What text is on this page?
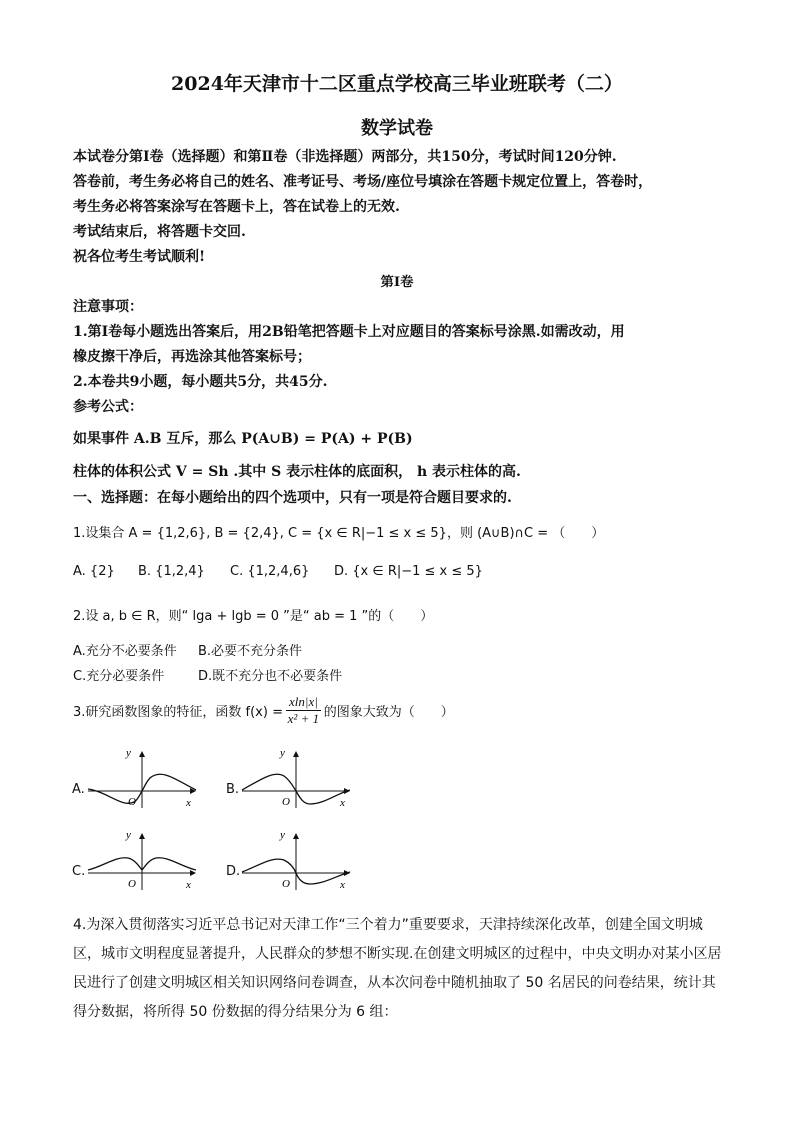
2024年天津市十二区重点学校高三毕业班联考（二）
数学试卷
本试卷分第Ⅰ卷（选择题）和第Ⅱ卷（非选择题）两部分，共150分，考试时间120分钟.
答卷前，考生务必将自己的姓名、准考证号、考场/座位号填涂在答题卡规定位置上，答卷时，
考生务必将答案涂写在答题卡上，答在试卷上的无效.
考试结束后，将答题卡交回.
祝各位考生考试顺利!
第Ⅰ卷
注意事项：
1.第Ⅰ卷每小题选出答案后，用2B铅笔把答题卡上对应题目的答案标号涂黑.如需改动，用
橡皮擦干净后，再选涂其他答案标号；
2.本卷共9小题，每小题共5分，共45分.
参考公式：
如果事件 A.B 互斥，那么 P(A∪B) = P(A) + P(B)
柱体的体积公式 V = Sh .其中 S 表示柱体的底面积， h 表示柱体的高.
一、选择题：在每小题给出的四个选项中，只有一项是符合题目要求的.
1.设集合 A = {1,2,6}, B = {2,4}, C = {x ∈ R|−1 ≤ x ≤ 5}，则 (A∪B)∩C = （　　）
A. {2} B. {1,2,4} C. {1,2,4,6} D. {x ∈ R|−1 ≤ x ≤ 5}
2.设 a, b ∈ R，则“ lga + lgb = 0 ”是“ ab = 1 ”的（　　）
A.充分不必要条件 B.必要不充分条件
C.充分必要条件	D.既不充分也不必要条件
3.研究函数图象的特征，函数 $f(x) = \frac{xln|x|}{\text{x² + 1}}$ 的图象大致为（　　）
A.
y
x
O
B.
y
x
O
C.
y
x
O
D.
y
x
O
4.为深入贯彻落实习近平总书记对天津工作“三个着力”重要要求，天津持续深化改革，创建全国文明城
区，城市文明程度显著提升，人民群众的梦想不断实现.在创建文明城区的过程中，中央文明办对某小区居
民进行了创建文明城区相关知识网络问卷调查，从本次问卷中随机抽取了 50 名居民的问卷结果，统计其
得分数据，将所得 50 份数据的得分结果分为 6 组：
